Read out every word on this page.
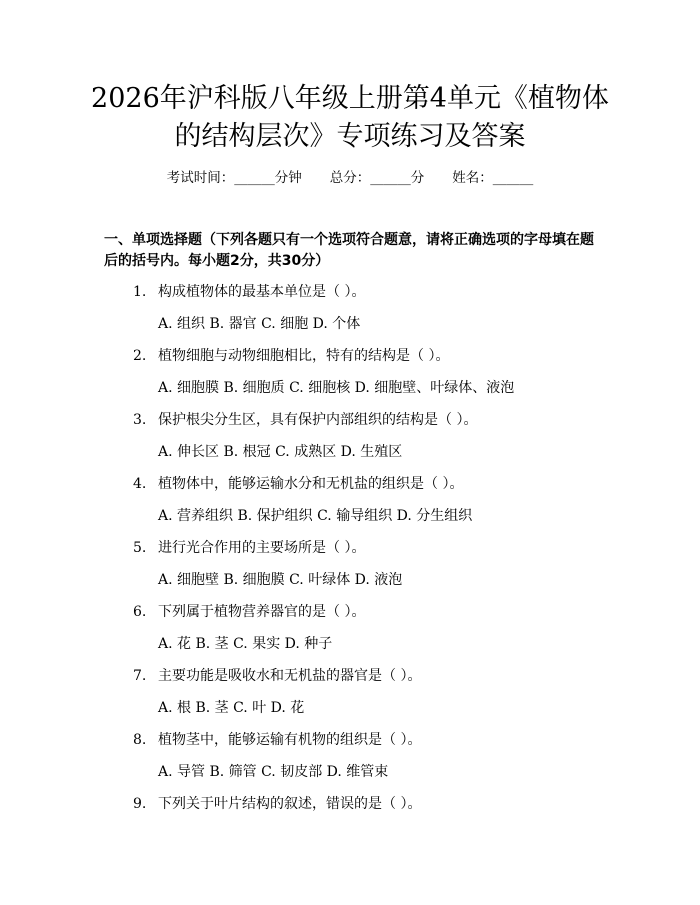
2026年沪科版八年级上册第4单元《植物体
的结构层次》专项练习及答案
考试时间：______分钟 总分：______分 姓名：______
一、单项选择题（下列各题只有一个选项符合题意，请将正确选项的字母填在题
后的括号内。每小题2分，共30分）
1. 构成植物体的最基本单位是（ ）。
A. 组织 B. 器官 C. 细胞 D. 个体
2. 植物细胞与动物细胞相比，特有的结构是（ ）。
A. 细胞膜 B. 细胞质 C. 细胞核 D. 细胞壁、叶绿体、液泡
3. 保护根尖分生区，具有保护内部组织的结构是（ ）。
A. 伸长区 B. 根冠 C. 成熟区 D. 生殖区
4. 植物体中，能够运输水分和无机盐的组织是（ ）。
A. 营养组织 B. 保护组织 C. 输导组织 D. 分生组织
5. 进行光合作用的主要场所是（ ）。
A. 细胞壁 B. 细胞膜 C. 叶绿体 D. 液泡
6. 下列属于植物营养器官的是（ ）。
A. 花 B. 茎 C. 果实 D. 种子
7. 主要功能是吸收水和无机盐的器官是（ ）。
A. 根 B. 茎 C. 叶 D. 花
8. 植物茎中，能够运输有机物的组织是（ ）。
A. 导管 B. 筛管 C. 韧皮部 D. 维管束
9. 下列关于叶片结构的叙述，错误的是（ ）。
